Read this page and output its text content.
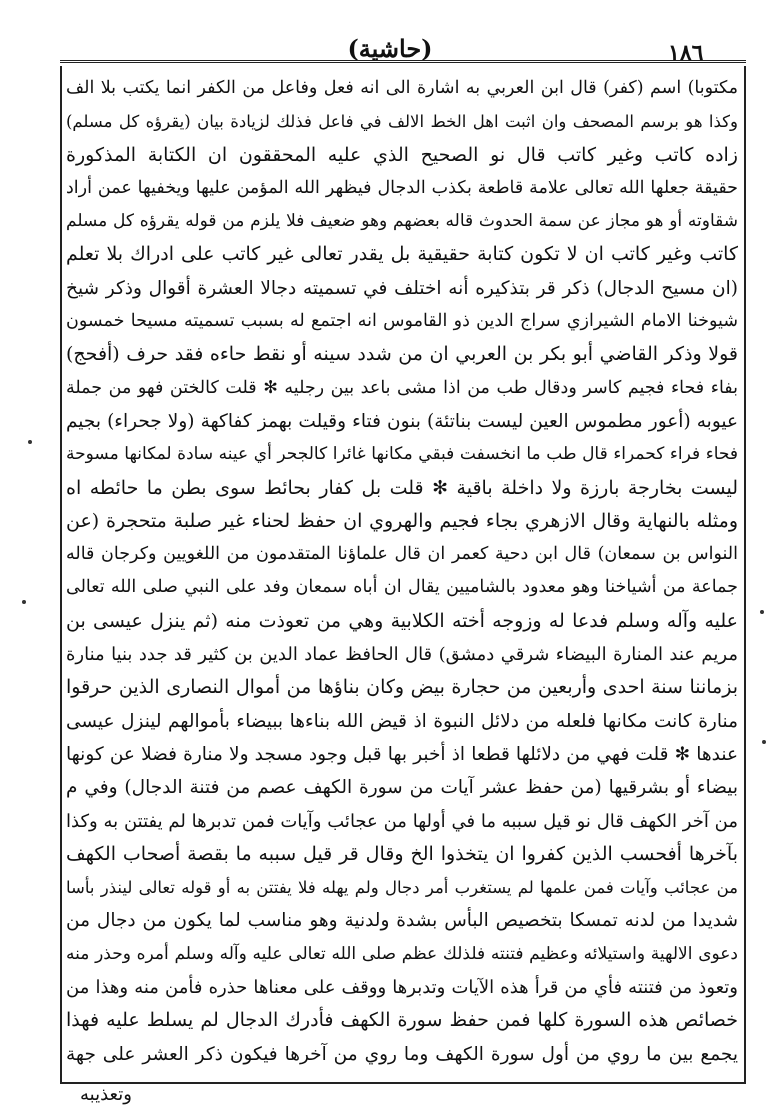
(حاشية)	١٨٦
مكتوبا) اسم (كفر) قال ابن العربي به اشارة الى انه فعل وفاعل من الكفر انما يكتب بلا الف
وكذا هو برسم المصحف وان اثبت اهل الخط الالف في فاعل فذلك لزيادة بيان (يقرؤه كل مسلم)
زاده كاتب وغير كاتب قال نو الصحيح الذي عليه المحققون ان الكتابة المذكورة
حقيقة جعلها الله تعالى علامة قاطعة بكذب الدجال فيظهر الله المؤمن عليها ويخفيها عمن أراد
شقاوته أو هو مجاز عن سمة الحدوث قاله بعضهم وهو ضعيف فلا يلزم من قوله يقرؤه كل مسلم
كاتب وغير كاتب ان لا تكون كتابة حقيقية بل يقدر تعالى غير كاتب على ادراك بلا تعلم
(ان مسيح الدجال) ذكر قر بتذكيره أنه اختلف في تسميته دجالا العشرة أقوال وذكر شيخ
شيوخنا الامام الشيرازي سراج الدين ذو القاموس انه اجتمع له بسبب تسميته مسيحا خمسون
قولا وذكر القاضي أبو بكر بن العربي ان من شدد سينه أو نقط حاءه فقد حرف (أفحج)
بفاء فحاء فجيم كاسر ودقال طب من اذا مشى باعد بين رجليه ✻ قلت كالختن فهو من جملة
عيوبه (أعور مطموس العين ليست بناتئة) بنون فتاء وقيلت بهمز كفاكهة (ولا جحراء) بجيم
فحاء فراء كحمراء قال طب ما انخسفت فبقي مكانها غائرا كالجحر أي عينه سادة لمكانها مسوحة
ليست بخارجة بارزة ولا داخلة باقية ✻ قلت بل كفار بحائط سوى بطن ما حائطه اه
ومثله بالنهاية وقال الازهري بجاء فجيم والهروي ان حفظ لحناء غير صلبة متحجرة (عن
النواس بن سمعان) قال ابن دحية كعمر ان قال علماؤنا المتقدمون من اللغويين وكرجان قاله
جماعة من أشياخنا وهو معدود بالشاميين يقال ان أباه سمعان وفد على النبي صلى الله تعالى
عليه وآله وسلم فدعا له وزوجه أخته الكلابية وهي من تعوذت منه (ثم ينزل عيسى بن
مريم عند المنارة البيضاء شرقي دمشق) قال الحافظ عماد الدين بن كثير قد جدد بنيا منارة
بزماننا سنة احدى وأربعين من حجارة بيض وكان بناؤها من أموال النصارى الذين حرقوا
منارة كانت مكانها فلعله من دلائل النبوة اذ قيض الله بناءها ببيضاء بأموالهم لينزل عيسى
عندها ✻ قلت فهي من دلائلها قطعا اذ أخبر بها قبل وجود مسجد ولا منارة فضلا عن كونها
بيضاء أو بشرقيها (من حفظ عشر آيات من سورة الكهف عصم من فتنة الدجال) وفي م
من آخر الكهف قال نو قيل سببه ما في أولها من عجائب وآيات فمن تدبرها لم يفتتن به وكذا
بآخرها أفحسب الذين كفروا ان يتخذوا الخ وقال قر قيل سببه ما بقصة أصحاب الكهف
من عجائب وآيات فمن علمها لم يستغرب أمر دجال ولم يهله فلا يفتتن به أو قوله تعالى لينذر بأسا
شديدا من لدنه تمسكا بتخصيص البأس بشدة ولدنية وهو مناسب لما يكون من دجال من
دعوى الالهية واستيلائه وعظيم فتنته فلذلك عظم صلى الله تعالى عليه وآله وسلم أمره وحذر منه
وتعوذ من فتنته فأي من قرأ هذه الآيات وتدبرها ووقف على معناها حذره فأمن منه وهذا من
خصائص هذه السورة كلها فمن حفظ سورة الكهف فأدرك الدجال لم يسلط عليه فهذا
يجمع بين ما روي من أول سورة الكهف وما روي من آخرها فيكون ذكر العشر على جهة
وتعذيبه
